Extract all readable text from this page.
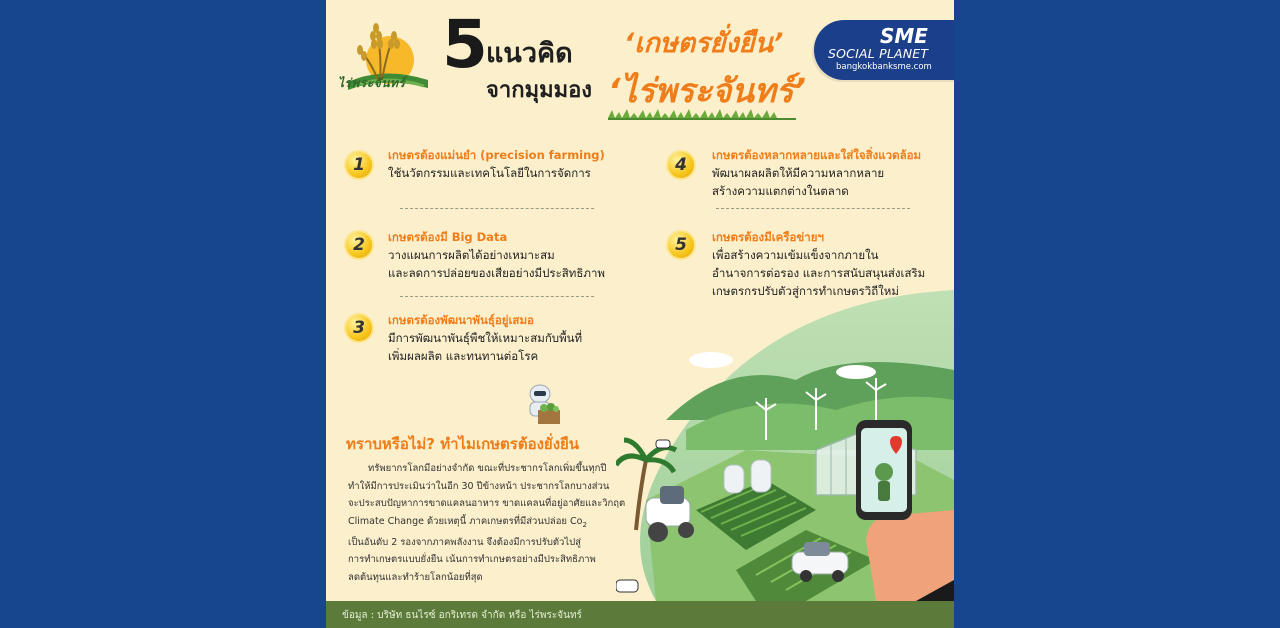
ไร่พระจันทร์ 5 แนวคิด ‘เกษตรยั่งยืน’
จากมุมมอง ‘ไร่พระจันทร์’
SME
SOCIAL PLANET
bangkokbanksme.com
1	เกษตรต้องแม่นยำ (precision farming)
ใช้นวัตกรรมและเทคโนโลยีในการจัดการ
2	เกษตรต้องมี Big Data
วางแผนการผลิตได้อย่างเหมาะสม
และลดการปล่อยของเสียอย่างมีประสิทธิภาพ
3	เกษตรต้องพัฒนาพันธุ์อยู่เสมอ
มีการพัฒนาพันธุ์พืชให้เหมาะสมกับพื้นที่
เพิ่มผลผลิต และทนทานต่อโรค
4	เกษตรต้องหลากหลายและใส่ใจสิ่งแวดล้อม
พัฒนาผลผลิตให้มีความหลากหลาย
สร้างความแตกต่างในตลาด
5	เกษตรต้องมีเครือข่ายฯ
เพื่อสร้างความเข้มแข็งจากภายใน
อำนาจการต่อรอง และการสนับสนุนส่งเสริม
เกษตรกรปรับตัวสู่การทำเกษตรวิถีใหม่
ทราบหรือไม่? ทำไมเกษตรต้องยั่งยืน
ทรัพยากรโลกมีอย่างจำกัด ขณะที่ประชากรโลกเพิ่มขึ้นทุกปี
ทำให้มีการประเมินว่าในอีก 30 ปีข้างหน้า ประชากรโลกบางส่วน
จะประสบปัญหาการขาดแคลนอาหาร ขาดแคลนที่อยู่อาศัยและวิกฤต
Climate Change ด้วยเหตุนี้ ภาคเกษตรที่มีส่วนปล่อย $Co_2$
เป็นอันดับ 2 รองจากภาคพลังงาน จึงต้องมีการปรับตัวไปสู่
การทำเกษตรแบบยั่งยืน เน้นการทำเกษตรอย่างมีประสิทธิภาพ
ลดต้นทุนและทำร้ายโลกน้อยที่สุด
ข้อมูล : บริษัท ธนไรซ์ อกริเทรด จำกัด หรือ ไร่พระจันทร์
